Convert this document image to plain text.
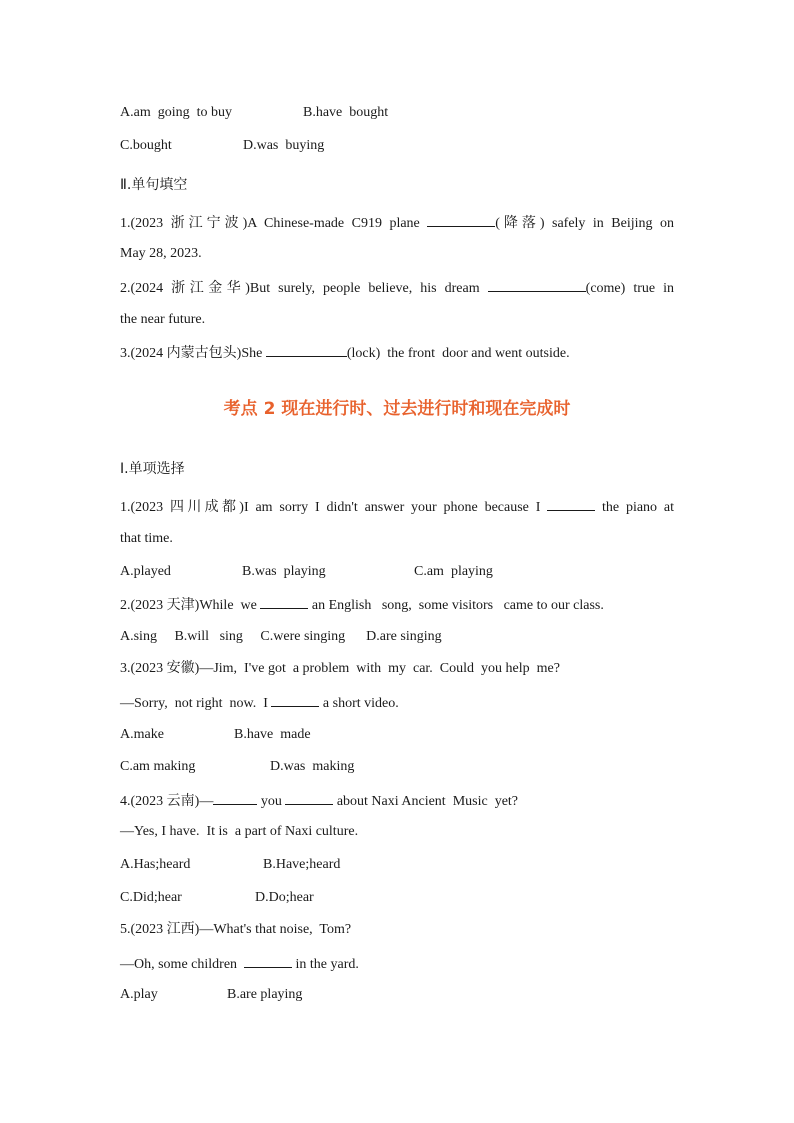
A.am  going  to buy	B.have  bought
C.bought	D.was  buying
Ⅱ.单句填空
1.(2023 浙江宁波)A Chinese-made C919 plane	(降落) safely in Beijing on
May 28, 2023.
2.(2024 浙江金华)But surely, people believe, his dream	(come) true in
the near future.
3.(2024 内蒙古包头)She	(lock)  the front  door and went outside.
考点 2 现在进行时、过去进行时和现在完成时
Ⅰ.单项选择
1.(2023 四川成都)I am sorry I didn't answer your phone because I	the piano at
that time.
A.played	B.was  playing	C.am  playing
2.(2023 天津)While  we	an English   song,  some visitors   came to our class.
A.sing     B.will   sing     C.were singing      D.are singing
3.(2023 安徽)—Jim,  I've got  a problem  with  my  car.  Could  you help  me?
—Sorry,  not right  now.  I	a short video.
A.make	B.have  made
C.am making	D.was  making
4.(2023 云南)—	you	about Naxi Ancient  Music  yet?
—Yes, I have.  It is  a part of Naxi culture.
A.Has;heard	B.Have;heard
C.Did;hear	D.Do;hear
5.(2023 江西)—What's that noise,  Tom?
—Oh, some children	in the yard.
A.play	B.are playing
